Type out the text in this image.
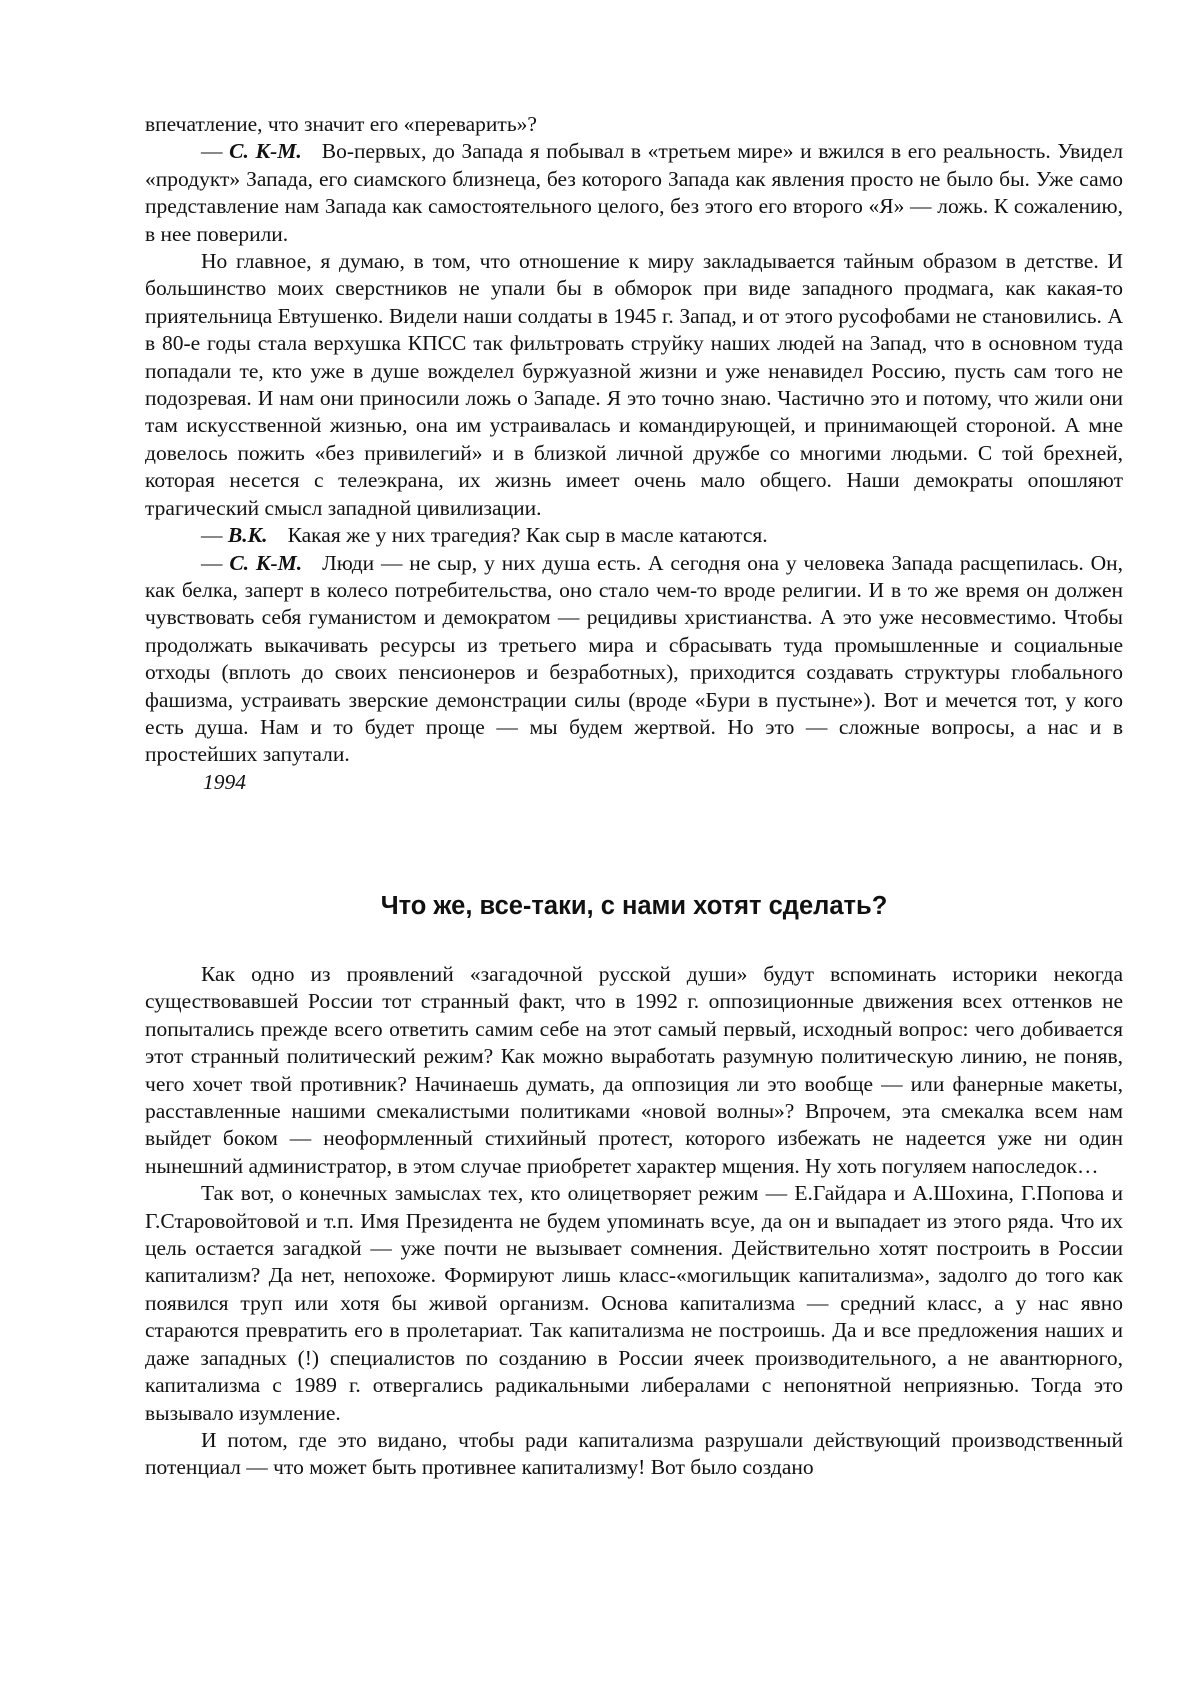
впечатление, что значит его «переварить»?

— С. К-М. Во-первых, до Запада я побывал в «третьем мире» и вжился в его реальность. Увидел «продукт» Запада, его сиамского близнеца, без которого Запада как явления просто не было бы. Уже само представление нам Запада как самостоятельного целого, без этого его второго «Я» — ложь. К сожалению, в нее поверили.

Но главное, я думаю, в том, что отношение к миру закладывается тайным образом в детстве. И большинство моих сверстников не упали бы в обморок при виде западного продмага, как какая-то приятельница Евтушенко. Видели наши солдаты в 1945 г. Запад, и от этого русофобами не становились. А в 80-е годы стала верхушка КПСС так фильтровать струйку наших людей на Запад, что в основном туда попадали те, кто уже в душе вожделел буржуазной жизни и уже ненавидел Россию, пусть сам того не подозревая. И нам они приносили ложь о Западе. Я это точно знаю. Частично это и потому, что жили они там искусственной жизнью, она им устраивалась и командирующей, и принимающей стороной. А мне довелось пожить «без привилегий» и в близкой личной дружбе со многими людьми. С той брехней, которая несется с телеэкрана, их жизнь имеет очень мало общего. Наши демократы опошляют трагический смысл западной цивилизации.

— В.К. Какая же у них трагедия? Как сыр в масле катаются.

— С. К-М. Люди — не сыр, у них душа есть. А сегодня она у человека Запада расщепилась. Он, как белка, заперт в колесо потребительства, оно стало чем-то вроде религии. И в то же время он должен чувствовать себя гуманистом и демократом — рецидивы христианства. А это уже несовместимо. Чтобы продолжать выкачивать ресурсы из третьего мира и сбрасывать туда промышленные и социальные отходы (вплоть до своих пенсионеров и безработных), приходится создавать структуры глобального фашизма, устраивать зверские демонстрации силы (вроде «Бури в пустыне»). Вот и мечется тот, у кого есть душа. Нам и то будет проще — мы будем жертвой. Но это — сложные вопросы, а нас и в простейших запутали.

1994

Что же, все-таки, с нами хотят сделать?

Как одно из проявлений «загадочной русской души» будут вспоминать историки некогда существовавшей России тот странный факт, что в 1992 г. оппозиционные движения всех оттенков не попытались прежде всего ответить самим себе на этот самый первый, исходный вопрос: чего добивается этот странный политический режим? Как можно выработать разумную политическую линию, не поняв, чего хочет твой противник? Начинаешь думать, да оппозиция ли это вообще — или фанерные макеты, расставленные нашими смекалистыми политиками «новой волны»? Впрочем, эта смекалка всем нам выйдет боком — неоформленный стихийный протест, которого избежать не надеется уже ни один нынешний администратор, в этом случае приобретет характер мщения. Ну хоть погуляем напоследок…

Так вот, о конечных замыслах тех, кто олицетворяет режим — Е.Гайдара и А.Шохина, Г.Попова и Г.Старовойтовой и т.п. Имя Президента не будем упоминать всуе, да он и выпадает из этого ряда. Что их цель остается загадкой — уже почти не вызывает сомнения. Действительно хотят построить в России капитализм? Да нет, непохоже. Формируют лишь класс-«могильщик капитализма», задолго до того как появился труп или хотя бы живой организм. Основа капитализма — средний класс, а у нас явно стараются превратить его в пролетариат. Так капитализма не построишь. Да и все предложения наших и даже западных (!) специалистов по созданию в России ячеек производительного, а не авантюрного, капитализма с 1989 г. отвергались радикальными либералами с непонятной неприязнью. Тогда это вызывало изумление.

И потом, где это видано, чтобы ради капитализма разрушали действующий производственный потенциал — что может быть противнее капитализму! Вот было создано
